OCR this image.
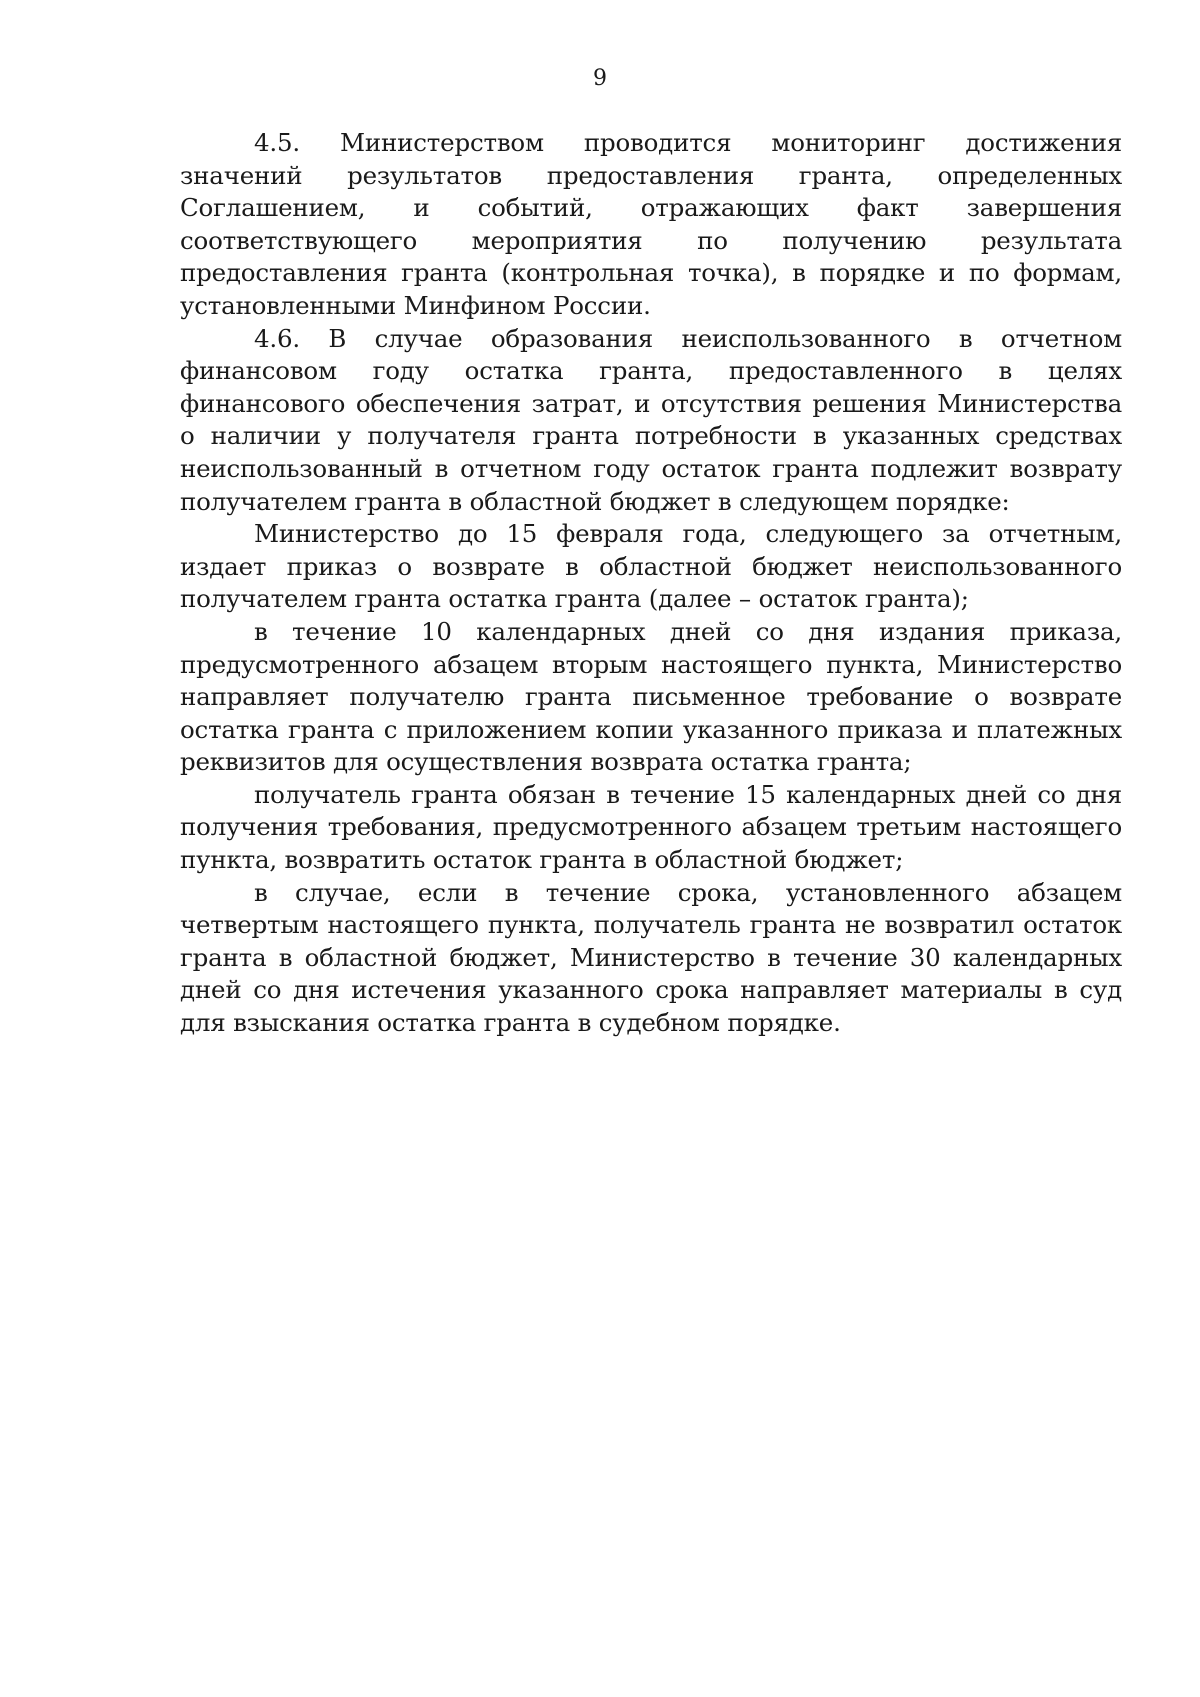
9

4.5. Министерством проводится мониторинг достижения значений результатов предоставления гранта, определенных Соглашением, и событий, отражающих факт завершения соответствующего мероприятия по получению результата предоставления гранта (контрольная точка), в порядке и по формам, установленными Минфином России.

4.6. В случае образования неиспользованного в отчетном финансовом году остатка гранта, предоставленного в целях финансового обеспечения затрат, и отсутствия решения Министерства о наличии у получателя гранта потребности в указанных средствах неиспользованный в отчетном году остаток гранта подлежит возврату получателем гранта в областной бюджет в следующем порядке:

Министерство до 15 февраля года, следующего за отчетным, издает приказ о возврате в областной бюджет неиспользованного получателем гранта остатка гранта (далее – остаток гранта);

в течение 10 календарных дней со дня издания приказа, предусмотренного абзацем вторым настоящего пункта, Министерство направляет получателю гранта письменное требование о возврате остатка гранта с приложением копии указанного приказа и платежных реквизитов для осуществления возврата остатка гранта;

получатель гранта обязан в течение 15 календарных дней со дня получения требования, предусмотренного абзацем третьим настоящего пункта, возвратить остаток гранта в областной бюджет;

в случае, если в течение срока, установленного абзацем четвертым настоящего пункта, получатель гранта не возвратил остаток гранта в областной бюджет, Министерство в течение 30 календарных дней со дня истечения указанного срока направляет материалы в суд для взыскания остатка гранта в судебном порядке.
